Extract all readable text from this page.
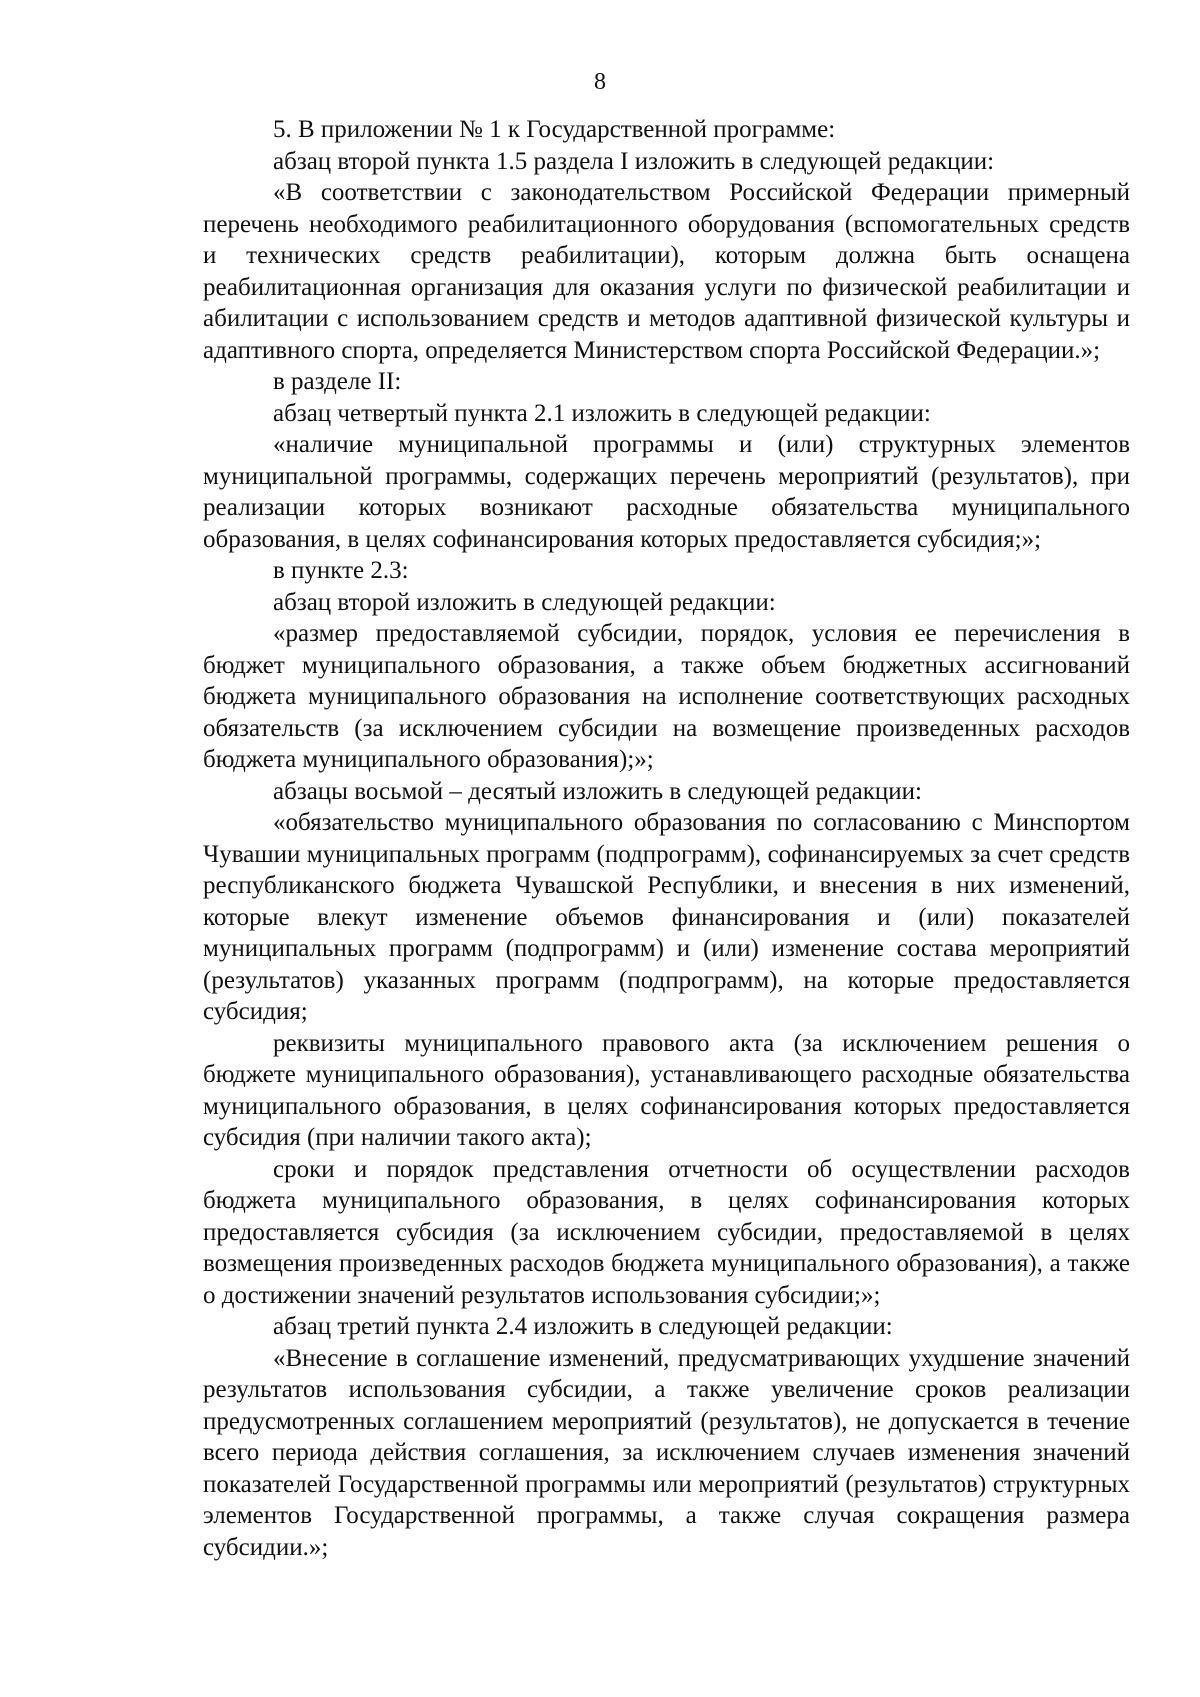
8

5. В приложении № 1 к Государственной программе:

абзац второй пункта 1.5 раздела I изложить в следующей редакции:

«В соответствии с законодательством Российской Федерации примерный перечень необходимого реабилитационного оборудования (вспомогательных средств и технических средств реабилитации), которым должна быть оснащена реабилитационная организация для оказания услуги по физической реабилитации и абилитации с использованием средств и методов адаптивной физической культуры и адаптивного спорта, определяется Министерством спорта Российской Федерации.»;

в разделе II:

абзац четвертый пункта 2.1 изложить в следующей редакции:

«наличие муниципальной программы и (или) структурных элементов муниципальной программы, содержащих перечень мероприятий (результатов), при реализации которых возникают расходные обязательства муниципального образования, в целях софинансирования которых предоставляется субсидия;»;

в пункте 2.3:

абзац второй изложить в следующей редакции:

«размер предоставляемой субсидии, порядок, условия ее перечисления в бюджет муниципального образования, а также объем бюджетных ассигнований бюджета муниципального образования на исполнение соответствующих расходных обязательств (за исключением субсидии на возмещение произведенных расходов бюджета муниципального образования);»;

абзацы восьмой – десятый изложить в следующей редакции:

«обязательство муниципального образования по согласованию с Минспортом Чувашии муниципальных программ (подпрограмм), софинансируемых за счет средств республиканского бюджета Чувашской Республики, и внесения в них изменений, которые влекут изменение объемов финансирования и (или) показателей муниципальных программ (подпрограмм) и (или) изменение состава мероприятий (результатов) указанных программ (подпрограмм), на которые предоставляется субсидия;

реквизиты муниципального правового акта (за исключением решения о бюджете муниципального образования), устанавливающего расходные обязательства муниципального образования, в целях софинансирования которых предоставляется субсидия (при наличии такого акта);

сроки и порядок представления отчетности об осуществлении расходов бюджета муниципального образования, в целях софинансирования которых предоставляется субсидия (за исключением субсидии, предоставляемой в целях возмещения произведенных расходов бюджета муниципального образования), а также о достижении значений результатов использования субсидии;»;

абзац третий пункта 2.4 изложить в следующей редакции:

«Внесение в соглашение изменений, предусматривающих ухудшение значений результатов использования субсидии, а также увеличение сроков реализации предусмотренных соглашением мероприятий (результатов), не допускается в течение всего периода действия соглашения, за исключением случаев изменения значений показателей Государственной программы или мероприятий (результатов) структурных элементов Государственной программы, а также случая сокращения размера субсидии.»;
